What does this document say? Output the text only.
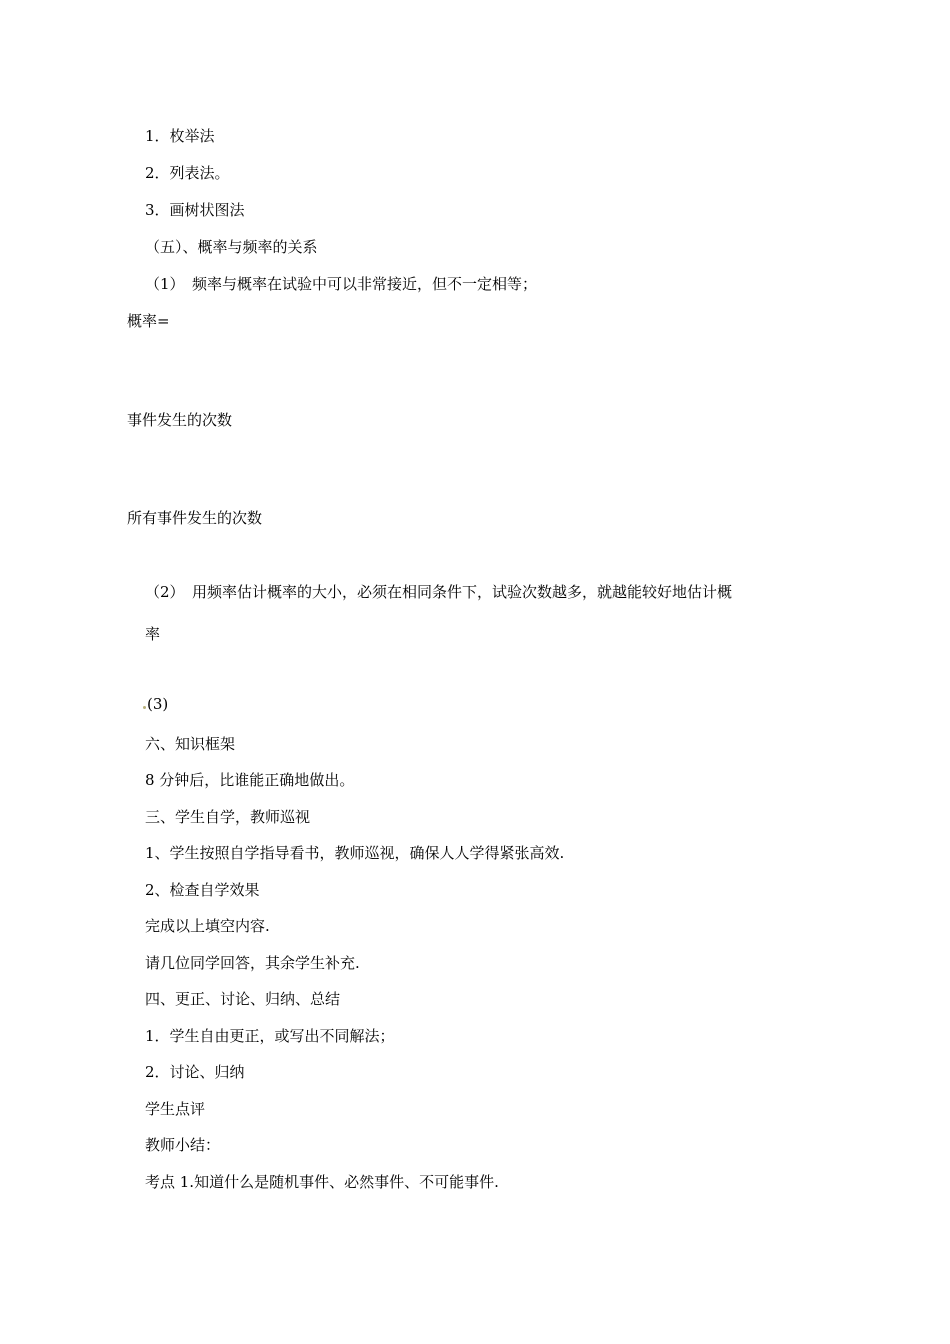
1．枚举法
2．列表法。
3．画树状图法
（五）、概率与频率的关系
（1）　频率与概率在试验中可以非常接近，但不一定相等；
概率=
事件发生的次数
所有事件发生的次数
（2）　用频率估计概率的大小，必须在相同条件下，试验次数越多，就越能较好地估计概
率
(3)
六、知识框架
8 分钟后，比谁能正确地做出。
三、学生自学，教师巡视
1、学生按照自学指导看书，教师巡视，确保人人学得紧张高效.
2、检查自学效果
完成以上填空内容.
请几位同学回答，其余学生补充.
四、更正、讨论、归纳、总结
1．学生自由更正，或写出不同解法；
2．讨论、归纳
学生点评
教师小结：
考点 1.知道什么是随机事件、必然事件、不可能事件.
